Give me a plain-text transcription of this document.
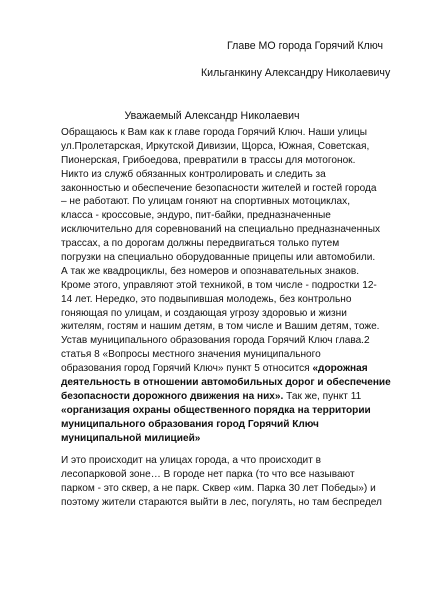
Главе МО города Горячий Ключ
Кильганкину Александру Николаевичу
Уважаемый Александр Николаевич
Обращаюсь к Вам как к главе города Горячий Ключ. Наши улицы
ул.Пролетарская, Иркутской Дивизии, Щорса, Южная, Советская,
Пионерская, Грибоедова, превратили в трассы для мотогонок.
Никто из служб обязанных контролировать и следить за
законностью и обеспечение безопасности жителей и гостей города
– не работают. По улицам гоняют на спортивных мотоциклах,
класса - кроссовые, эндуро, пит-байки, предназначенные
исключительно для соревнований на специально предназначенных
трассах, а по дорогам должны передвигаться только путем
погрузки на специально оборудованные прицепы или автомобили.
А так же квадроциклы, без номеров и опознавательных знаков.
Кроме этого, управляют этой техникой, в том числе - подростки 12-
14 лет. Нередко, это подвыпившая молодежь, без контрольно
гоняющая по улицам, и создающая угрозу здоровью и жизни
жителям, гостям и нашим детям, в том числе и Вашим детям, тоже.
Устав муниципального образования города Горячий Ключ глава.2
статья 8 «Вопросы местного значения муниципального
образования город Горячий Ключ» пункт 5 относится «дорожная
деятельность в отношении автомобильных дорог и обеспечение
безопасности дорожного движения на них». Так же, пункт 11
«организация охраны общественного порядка на территории
муниципального образования город Горячий Ключ
муниципальной милицией»
И это происходит на улицах города, а что происходит в
лесопарковой зоне… В городе нет парка (то что все называют
парком - это сквер, а не парк. Сквер «им. Парка 30 лет Победы») и
поэтому жители стараются выйти в лес, погулять, но там беспредел
